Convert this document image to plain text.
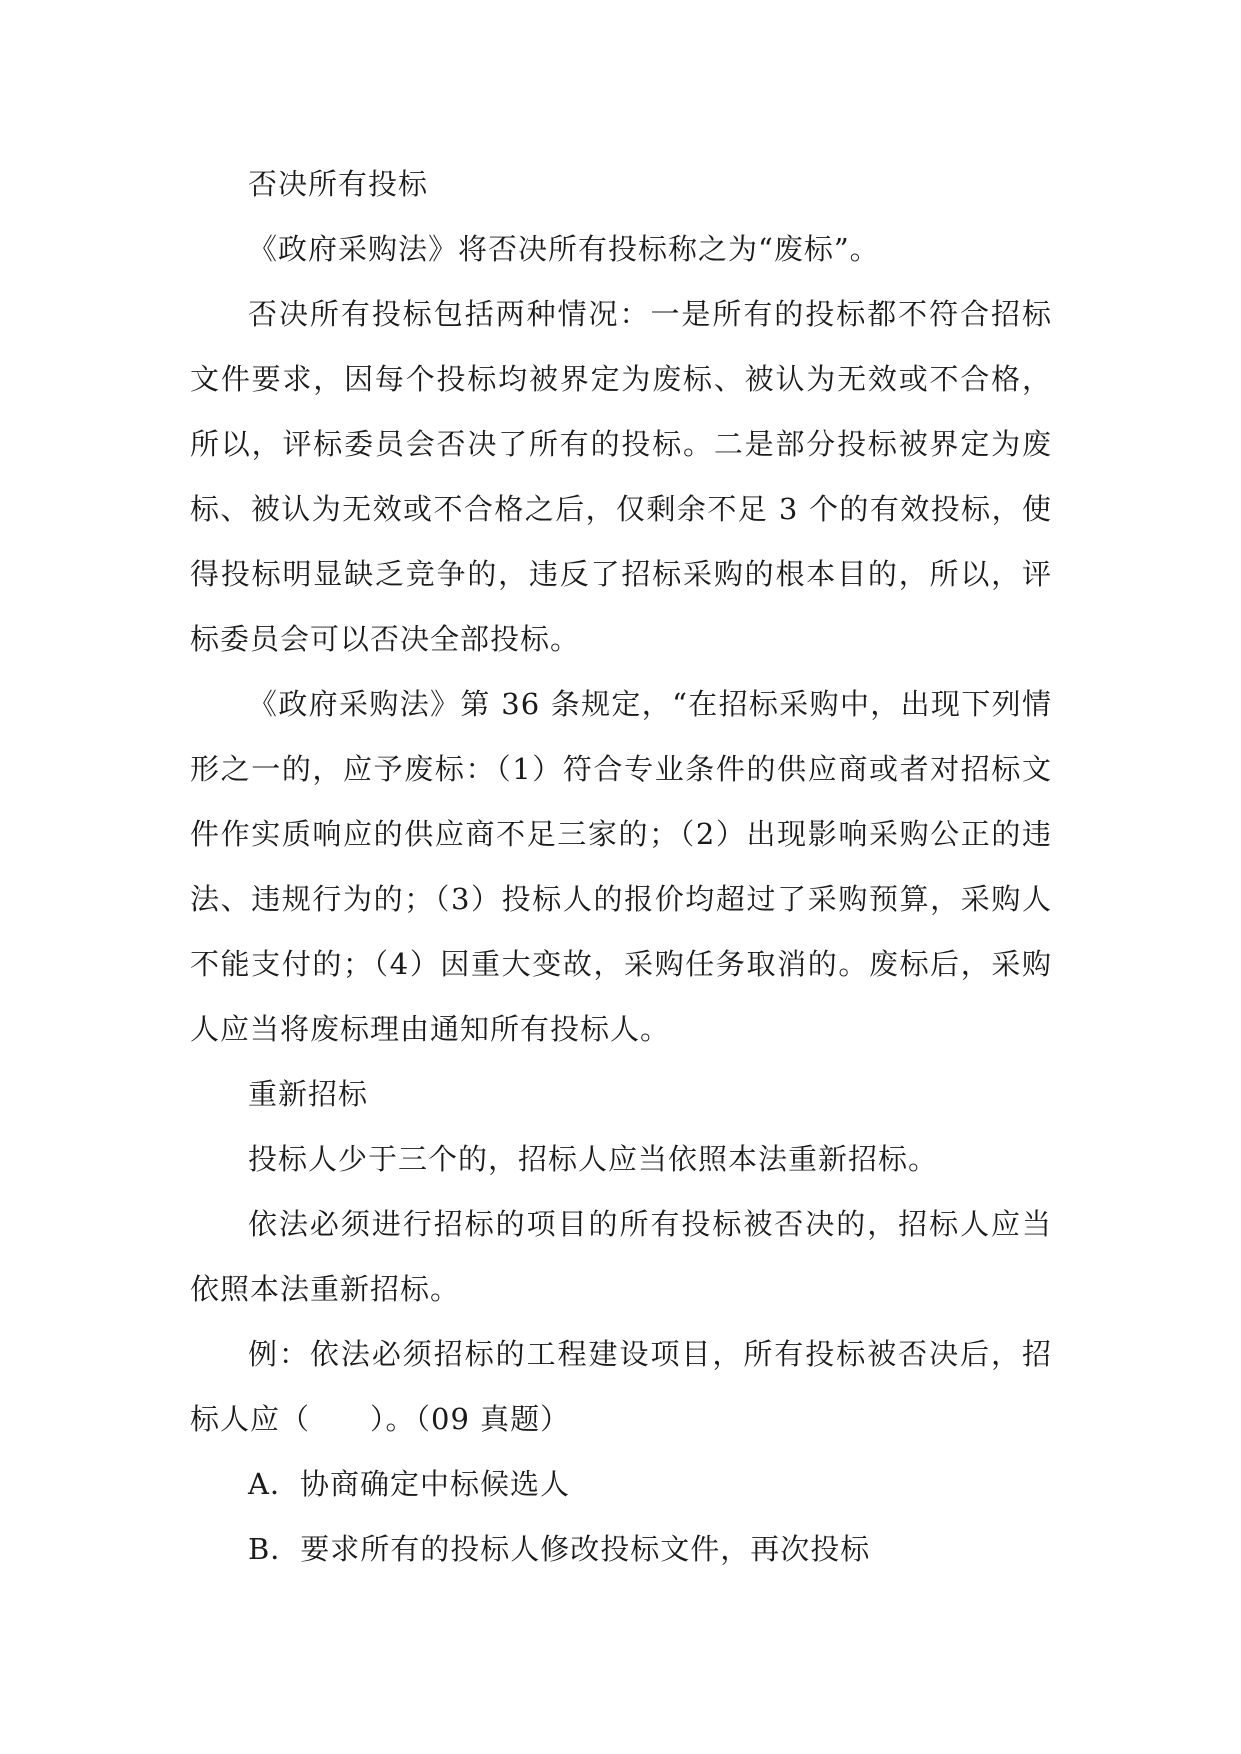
否决所有投标

《政府采购法》将否决所有投标称之为“废标”。

否决所有投标包括两种情况：一是所有的投标都不符合招标文件要求，因每个投标均被界定为废标、被认为无效或不合格，所以，评标委员会否决了所有的投标。二是部分投标被界定为废标、被认为无效或不合格之后，仅剩余不足 3 个的有效投标，使得投标明显缺乏竞争的，违反了招标采购的根本目的，所以，评标委员会可以否决全部投标。

《政府采购法》第 36 条规定，“在招标采购中，出现下列情形之一的，应予废标：（1）符合专业条件的供应商或者对招标文件作实质响应的供应商不足三家的；（2）出现影响采购公正的违法、违规行为的；（3）投标人的报价均超过了采购预算，采购人不能支付的；（4）因重大变故，采购任务取消的。废标后，采购人应当将废标理由通知所有投标人。

重新招标

投标人少于三个的，招标人应当依照本法重新招标。

依法必须进行招标的项目的所有投标被否决的，招标人应当依照本法重新招标。

例：依法必须招标的工程建设项目，所有投标被否决后，招标人应（　　）。（09 真题）

A．协商确定中标候选人

B．要求所有的投标人修改投标文件，再次投标
